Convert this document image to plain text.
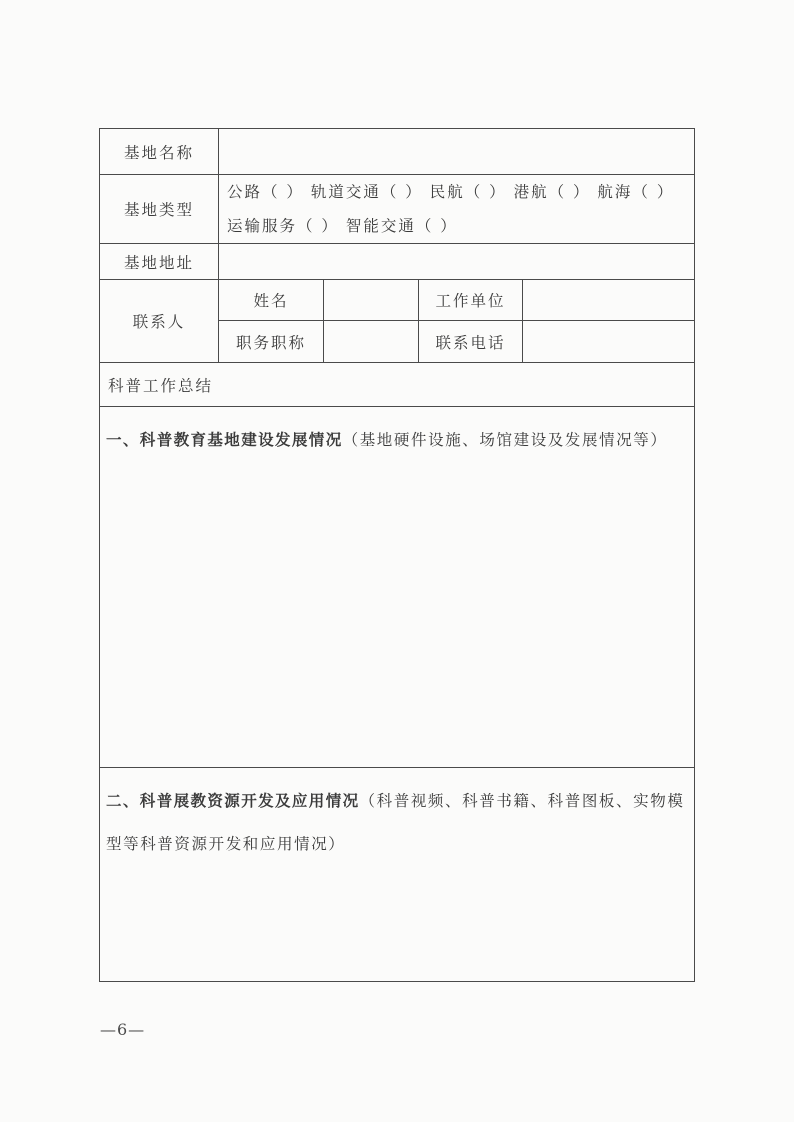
基地名称				
基地类型	公路（ ） 轨道交通（ ） 民航（ ） 港航（ ） 航海（ ）
运输服务（ ） 智能交通（ ）			

基地地址				
联系人	姓名		工作单位	
	职务职称		联系电话	
科普工作总结				

一、科普教育基地建设发展情况（基地硬件设施、场馆建设及发展情况等）				

二、科普展教资源开发及应用情况（科普视频、科普书籍、科普图板、实物模型等科普资源开发和应用情况）				
—6—
